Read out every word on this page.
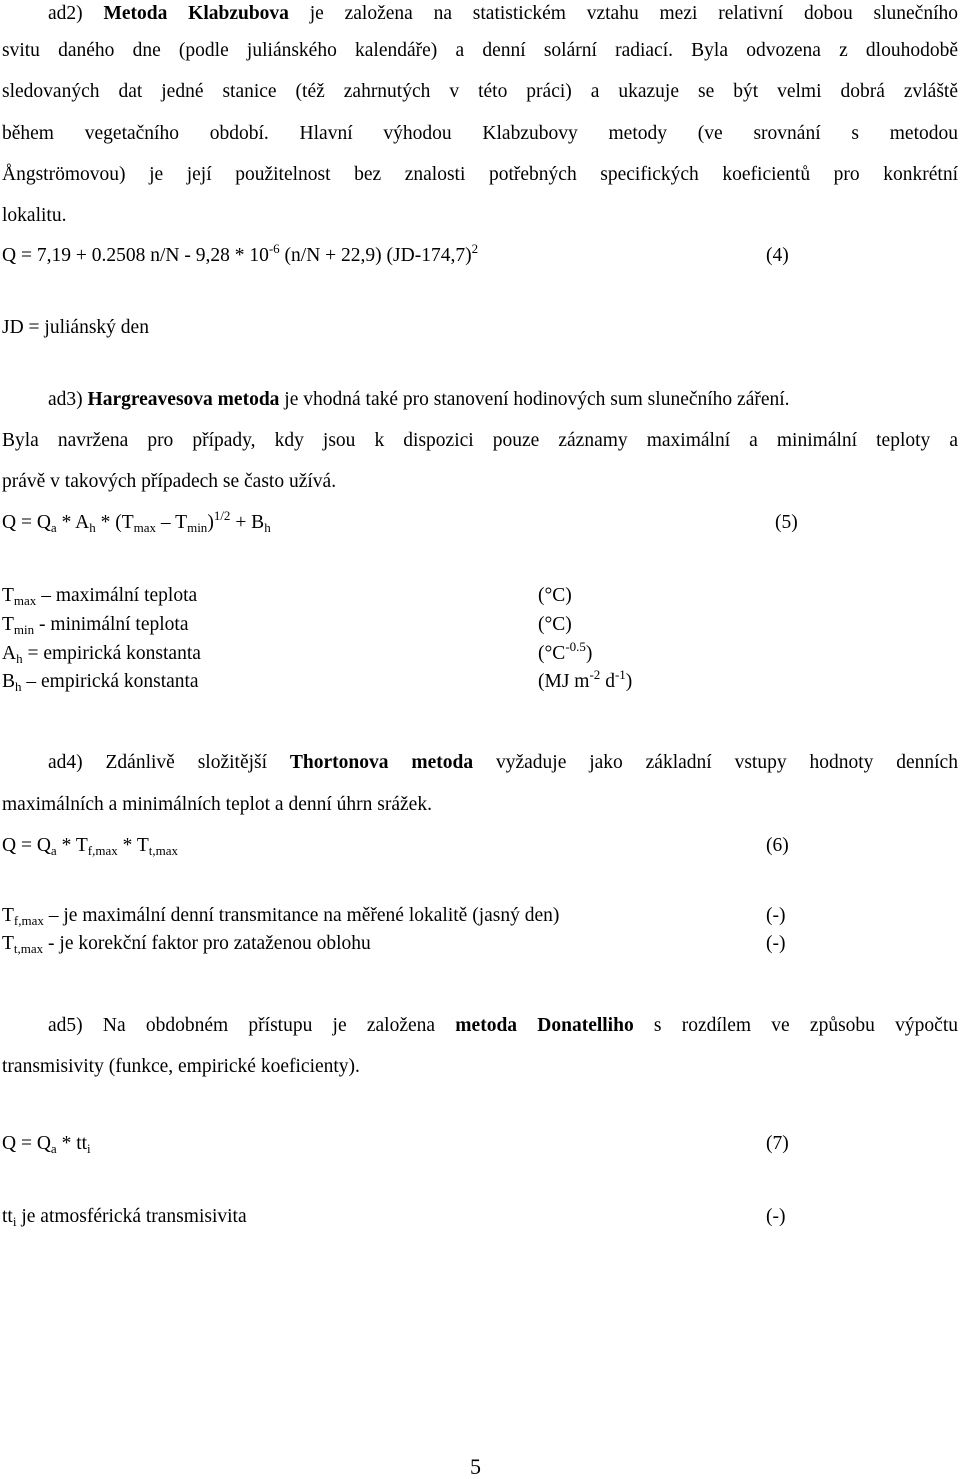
ad2) Metoda Klabzubova je založena na statistickém vztahu mezi relativní dobou slunečního
svitu daného dne (podle juliánského kalendáře) a denní solární radiací. Byla odvozena z dlouhodobě
sledovaných dat jedné stanice (též zahrnutých v této práci) a ukazuje se být velmi dobrá zvláště
během vegetačního období. Hlavní výhodou Klabzubovy metody (ve srovnání s metodou
Ångströmovou) je její použitelnost bez znalosti potřebných specifických koeficientů pro konkrétní
lokalitu.
Q = 7,19 + 0.2508 $n/N - 9,28 * 10^{-6}$ (n/N + 22,9) $(JD-174,7)^2$	(4)
JD = juliánský den
ad3) Hargreavesova metoda je vhodná také pro stanovení hodinových sum slunečního záření.
Byla navržena pro případy, kdy jsou k dispozici pouze záznamy maximální a minimální teploty a
právě v takových případech se často užívá.
$Q = Q_a * A_h * (T_{max} - T_{min})^{1/2} + B_h$	(5)
$T_{max}$ – maximální teplota	(°C)
$T_{min}$ - minimální teplota	(°C)
$A_h$ = empirická konstanta	$(^\circ C^{-0.5})$
$B_h$ – empirická konstanta	(MJ $m^{-2}$ $d^{-1}$)
ad4) Zdánlivě složitější Thortonova metoda vyžaduje jako základní vstupy hodnoty denních
maximálních a minimálních teplot a denní úhrn srážek.
$Q = Q_a * T_{f,max} * T_{t,max}$	(6)
$T_{f,max}$ – je maximální denní transmitance na měřené lokalitě (jasný den)	(-)
$T_{t,max}$ - je korekční faktor pro zataženou oblohu	(-)
ad5) Na obdobném přístupu je založena metoda Donatelliho s rozdílem ve způsobu výpočtu
transmisivity (funkce, empirické koeficienty).
$Q = Q_a * tt_i$	(7)
$tt_i$ je atmosférická transmisivita	(-)
5
